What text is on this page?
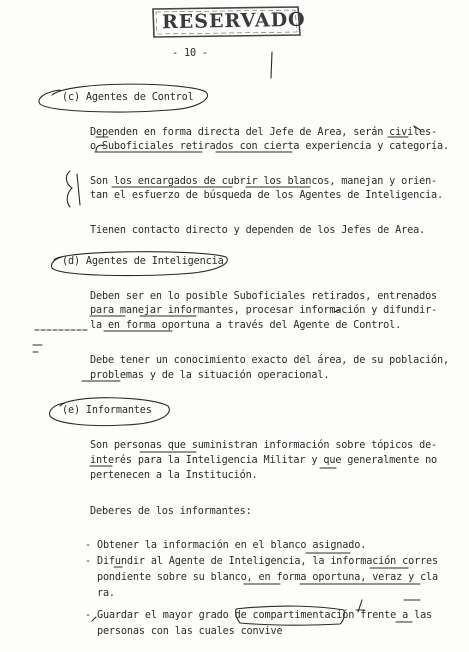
RESERVADO
- 10 -
(c) Agentes de Control
Dependen en forma directa del Jefe de Area, serán civiles-
o Suboficiales retirados con cierta experiencia y categoría.
Son los encargados de cubrir los blancos, manejan y orien-
tan el esfuerzo de búsqueda de los Agentes de Inteligencia.
Tienen contacto directo y dependen de los Jefes de Area.
(d) Agentes de Inteligencia
Deben ser en lo posible Suboficiales retirados, entrenados
para manejar informantes, procesar información y difundir-
la en forma oportuna a través del Agente de Control.
Debe tener un conocimiento exacto del área, de su población,
problemas y de la situación operacional.
(e) Informantes
Son personas que suministran información sobre tópicos de-
interés para la Inteligencia Militar y que generalmente no
pertenecen a la Institución.
Deberes de los informantes:
- Obtener la información en el blanco asignado.
- Difundir al Agente de Inteligencia, la información corres
pondiente sobre su blanco, en forma oportuna, veraz y cla
ra.
- Guardar el mayor grado de compartimentación frente a las
personas con las cuales convive
